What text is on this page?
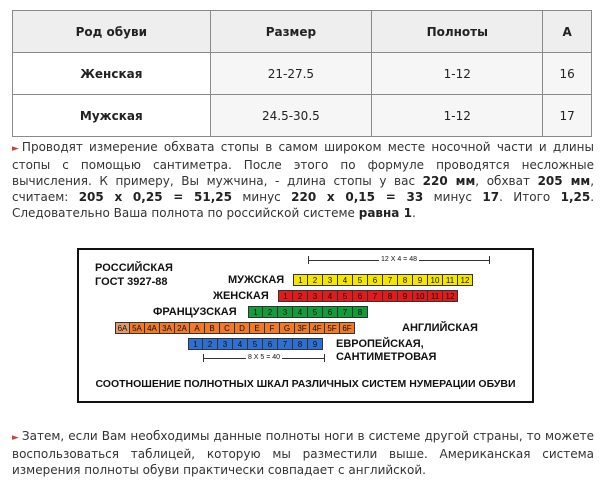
Род обуви	Размер	Полноты	А
Женская	21-27.5	1-12	16
Мужская	24.5-30.5	1-12	17
► Проводят измерение обхвата стопы в самом широком месте носочной части и длины стопы с помощью сантиметра. После этого по формуле проводятся несложные вычисления. К примеру, Вы мужчина, - длина стопы у вас 220 мм, обхват 205 мм, считаем: 205 х 0,25 = 51,25 минус 220 х 0,15 = 33 минус 17. Итого 1,25. Следовательно Ваша полнота по российской системе равна 1.
РОССИЙСКАЯ
ГОСТ 3927-88
12 Х 4 = 48
МУЖСКАЯ	1	2	3	4	5	6	7	8	9	10 11 12
ЖЕНСКАЯ	1	2	3	4	5	6	7	8	9	10 11 12
ФРАНЦУЗСКАЯ	1	2	3	4	5	6	7	8
6A 5A 4A 3A 2A A	B	C	D	E	F	G 3F 4F 5F 6F	АНГЛИЙСКАЯ
1	2	3	4	5	6	7	8	9	ЕВРОПЕЙСКАЯ,
САНТИМЕТРОВАЯ
8 Х 5 = 40
СООТНОШЕНИЕ ПОЛНОТНЫХ ШКАЛ РАЗЛИЧНЫХ СИСТЕМ НУМЕРАЦИИ ОБУВИ
► Затем, если Вам необходимы данные полноты ноги в системе другой страны, то можете воспользоваться таблицей, которую мы разместили выше. Американская система измерения полноты обуви практически совпадает с английской.
